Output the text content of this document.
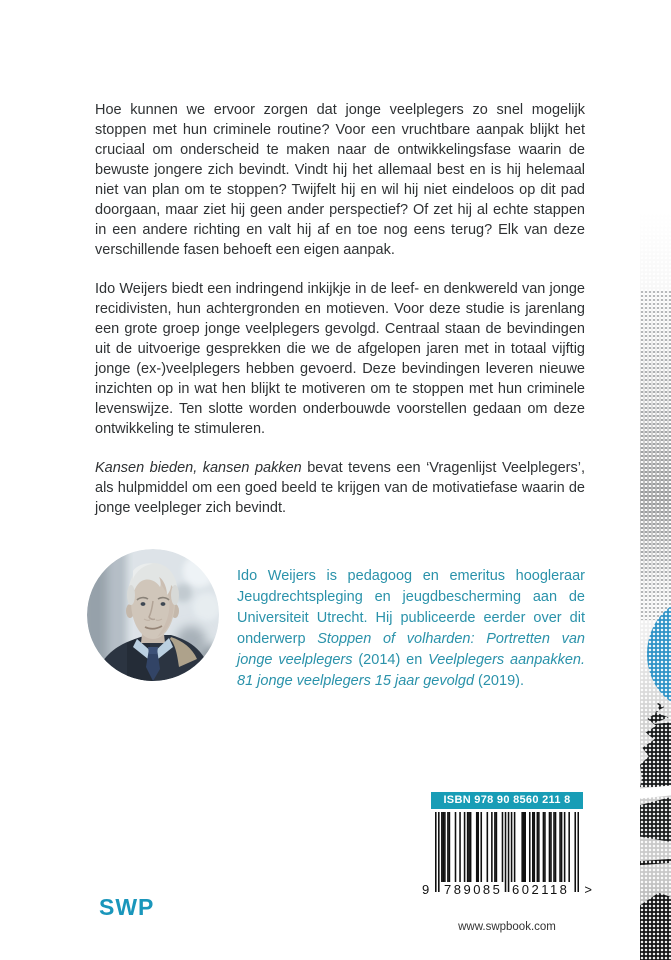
Hoe kunnen we ervoor zorgen dat jonge veelplegers zo snel mogelijk stoppen met hun criminele routine? Voor een vruchtbare aanpak blijkt het cruciaal om onderscheid te maken naar de ontwikkelingsfase waarin de bewuste jongere zich bevindt. Vindt hij het allemaal best en is hij helemaal niet van plan om te stoppen? Twijfelt hij en wil hij niet eindeloos op dit pad doorgaan, maar ziet hij geen ander perspectief? Of zet hij al echte stappen in een andere richting en valt hij af en toe nog eens terug? Elk van deze verschillende fasen behoeft een eigen aanpak.

Ido Weijers biedt een indringend inkijkje in de leef- en denkwereld van jonge recidivisten, hun achtergronden en motieven. Voor deze studie is jarenlang een grote groep jonge veelplegers gevolgd. Centraal staan de bevindingen uit de uitvoerige gesprekken die we de afgelopen jaren met in totaal vijftig jonge (ex-)veelplegers hebben gevoerd. Deze bevindingen leveren nieuwe inzichten op in wat hen blijkt te motiveren om te stoppen met hun criminele levenswijze. Ten slotte worden onderbouwde voorstellen gedaan om deze ontwikkeling te stimuleren.

Kansen bieden, kansen pakken bevat tevens een ‘Vragenlijst Veelplegers’, als hulpmiddel om een goed beeld te krijgen van de motivatiefase waarin de jonge veelpleger zich bevindt.

Ido Weijers is pedagoog en emeritus hoogleraar Jeugdrechtspleging en jeugdbescherming aan de Universiteit Utrecht. Hij publiceerde eerder over dit onderwerp Stoppen of volharden: Portretten van jonge veelplegers (2014) en Veelplegers aanpakken. 81 jonge veelplegers 15 jaar gevolgd (2019).
ISBN 978 90 8560 211 8
9 789085 602118 >
SWP
www.swpbook.com
